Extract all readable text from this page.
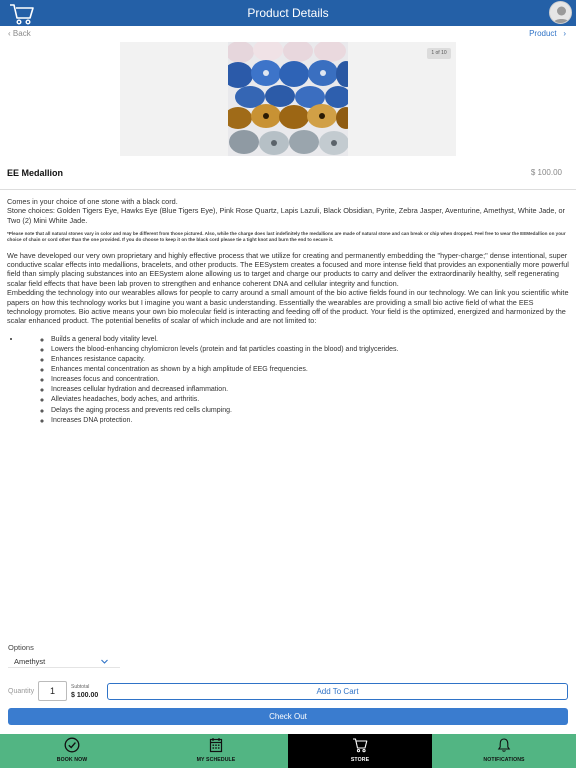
Product Details
‹ Back	Product   ›
1 of 10
EE Medallion	$ 100.00

Comes in your choice of one stone with a black cord.

Stone choices: Golden Tigers Eye, Hawks Eye (Blue Tigers Eye), Pink Rose Quartz, Lapis Lazuli, Black Obsidian, Pyrite, Zebra Jasper, Aventurine, Amethyst, White Jade, or Two (2) Mini White Jade.

*Please note that all natural stones vary in color and may be different from those pictured. Also, while the charge does last indefinitely the medallions are made of natural stone and can break or chip when dropped. Feel free to wear the EEMedallion on your choice of chain or cord other than the one provided. If you do choose to keep it on the black cord please tie a tight knot and burn the end to secure it.

We have developed our very own proprietary and highly effective process that we utilize for creating and permanently embedding the "hyper-charge;" dense intentional, super conductive scalar effects into medallions, bracelets, and other products. The EESystem creates a focused and more intense field that provides an exponentially more powerful field than simply placing substances into an EESystem alone allowing us to target and charge our products to carry and deliver the extraordinarily healthy, self regenerating scalar field effects that have been lab proven to strengthen and enhance coherent DNA and cellular integrity and function.

Embedding the technology into our wearables allows for people to carry around a small amount of the bio active fields found in our technology. We can link you scientific white papers on how this technology works but I imagine you want a basic understanding. Essentially the wearables are providing a small bio active field of what the EES technology promotes. Bio active means your own bio molecular field is interacting and feeding off of the product. Your field is the optimized, energized and harmonized by the scalar enhanced product. The potential benefits of scalar of which include and are not limited to:

◦ • Builds a general body vitality level.
◦ Lowers the blood-enhancing chylomicron levels (protein and fat particles coasting in the blood) and triglycerides.
◦ Enhances resistance capacity.
◦ Enhances mental concentration as shown by a high amplitude of EEG frequencies.
◦ Increases focus and concentration.
◦ Increases cellular hydration and decreased inflammation.
◦ Alleviates headaches, body aches, and arthritis.
◦ Delays the aging process and prevents red cells clumping.
◦ Increases DNA protection.
Options
Amethyst
Quantity	1	Subtotal
$ 100.00	Add To Cart
Check Out
BOOK NOW	MY SCHEDULE	STORE	NOTIFICATIONS
